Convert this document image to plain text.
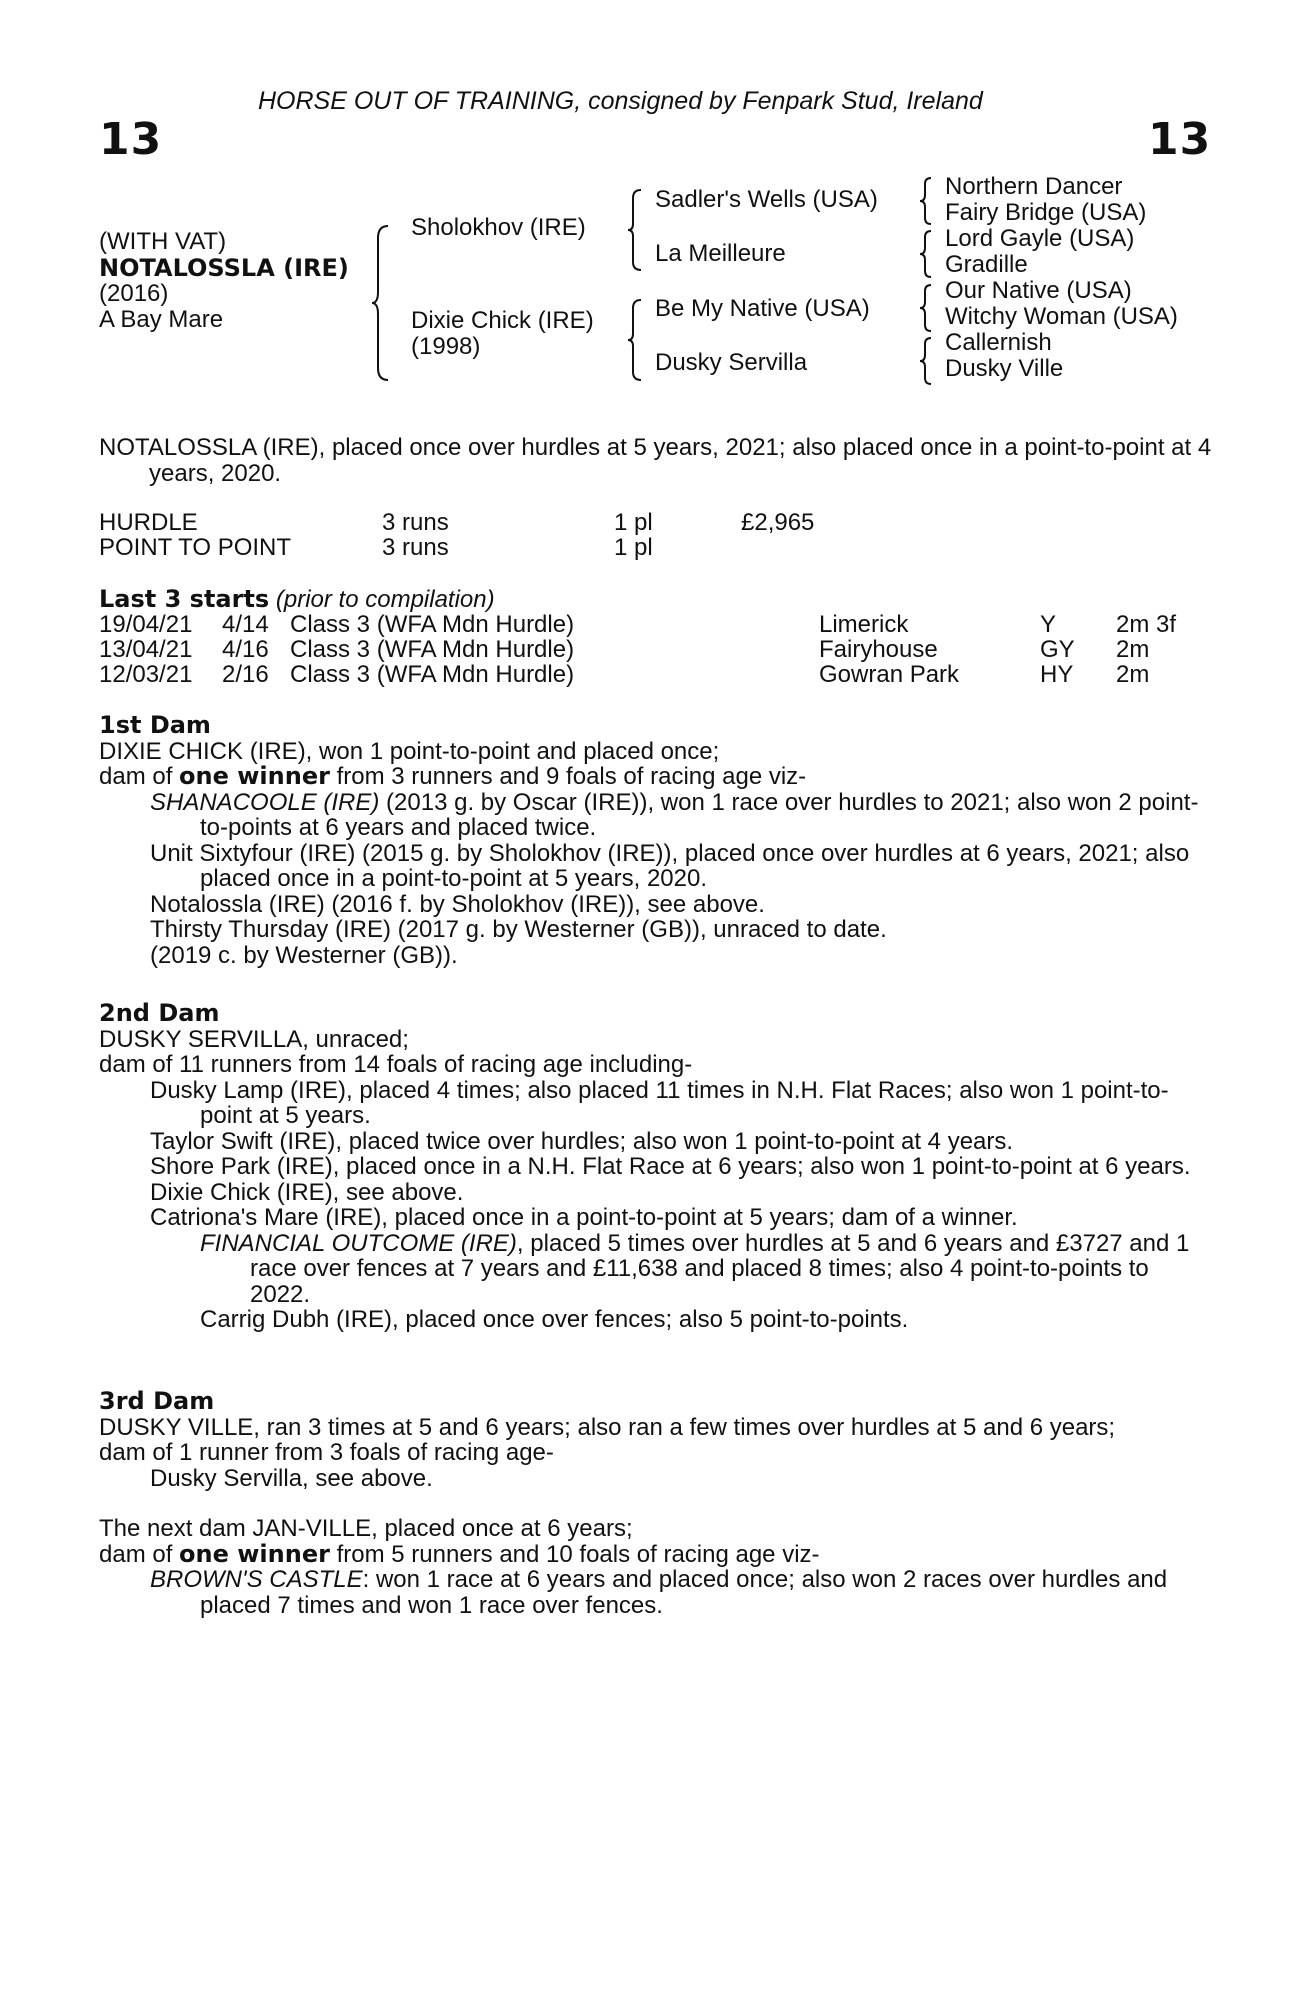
HORSE OUT OF TRAINING, consigned by Fenpark Stud, Ireland
13	13
(WITH VAT)
NOTALOSSLA (IRE)
(2016)
A Bay Mare
Sholokhov (IRE)
Dixie Chick (IRE)
(1998)
Sadler's Wells (USA)
La Meilleure
Be My Native (USA)
Dusky Servilla
Northern Dancer
Fairy Bridge (USA)
Lord Gayle (USA)
Gradille
Our Native (USA)
Witchy Woman (USA)
Callernish
Dusky Ville
NOTALOSSLA (IRE), placed once over hurdles at 5 years, 2021; also placed once in a point-to-point at 4 years, 2020.
HURDLE	3 runs	1 pl	£2,965
POINT TO POINT	3 runs	1 pl
Last 3 starts (prior to compilation)
19/04/21 4/14 Class 3 (WFA Mdn Hurdle)	Limerick	Y 2m 3f
13/04/21 4/16 Class 3 (WFA Mdn Hurdle)	Fairyhouse	GY 2m
12/03/21 2/16 Class 3 (WFA Mdn Hurdle)	Gowran Park	HY 2m
1st Dam
DIXIE CHICK (IRE), won 1 point-to-point and placed once;
dam of one winner from 3 runners and 9 foals of racing age viz-
SHANACOOLE (IRE) (2013 g. by Oscar (IRE)), won 1 race over hurdles to 2021; also won 2 point-to-points at 6 years and placed twice.
Unit Sixtyfour (IRE) (2015 g. by Sholokhov (IRE)), placed once over hurdles at 6 years, 2021; also placed once in a point-to-point at 5 years, 2020.
Notalossla (IRE) (2016 f. by Sholokhov (IRE)), see above.
Thirsty Thursday (IRE) (2017 g. by Westerner (GB)), unraced to date.
(2019 c. by Westerner (GB)).
2nd Dam
DUSKY SERVILLA, unraced;
dam of 11 runners from 14 foals of racing age including-
Dusky Lamp (IRE), placed 4 times; also placed 11 times in N.H. Flat Races; also won 1 point-to-point at 5 years.
Taylor Swift (IRE), placed twice over hurdles; also won 1 point-to-point at 4 years.
Shore Park (IRE), placed once in a N.H. Flat Race at 6 years; also won 1 point-to-point at 6 years.
Dixie Chick (IRE), see above.
Catriona's Mare (IRE), placed once in a point-to-point at 5 years; dam of a winner.
FINANCIAL OUTCOME (IRE), placed 5 times over hurdles at 5 and 6 years and £3727 and 1 race over fences at 7 years and £11,638 and placed 8 times; also 4 point-to-points to 2022.
Carrig Dubh (IRE), placed once over fences; also 5 point-to-points.
3rd Dam
DUSKY VILLE, ran 3 times at 5 and 6 years; also ran a few times over hurdles at 5 and 6 years;
dam of 1 runner from 3 foals of racing age-
Dusky Servilla, see above.
The next dam JAN-VILLE, placed once at 6 years;
dam of one winner from 5 runners and 10 foals of racing age viz-
BROWN'S CASTLE: won 1 race at 6 years and placed once; also won 2 races over hurdles and placed 7 times and won 1 race over fences.
